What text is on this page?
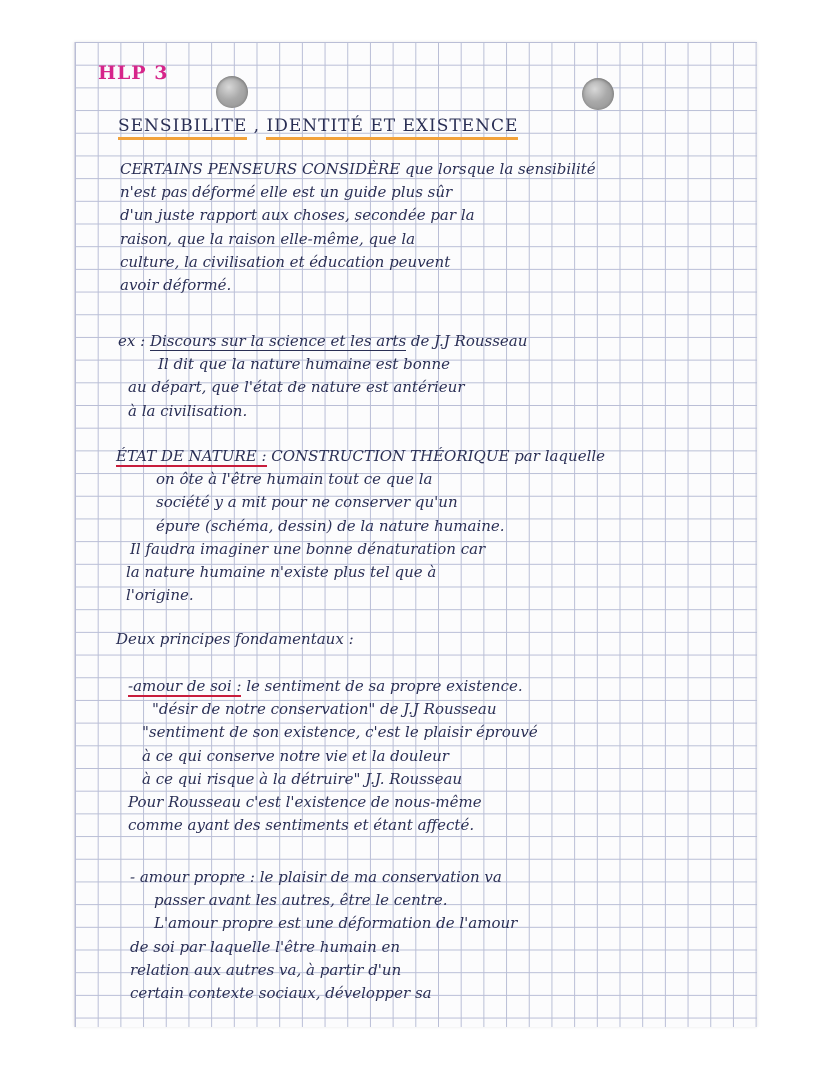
HLP 3
SENSIBILITE , IDENTITÉ ET EXISTENCE
CERTAINS PENSEURS CONSIDÈRE que lorsque la sensibilité
n'est pas déformé elle est un guide plus sûr
d'un juste rapport aux choses, secondée par la
raison, que la raison elle-même, que la
culture, la civilisation et éducation peuvent
avoir déformé.
ex : Discours sur la science et les arts de J.J Rousseau
Il dit que la nature humaine est bonne
au départ, que l'état de nature est antérieur
à la civilisation.
ÉTAT DE NATURE : CONSTRUCTION THÉORIQUE par laquelle
on ôte à l'être humain tout ce que la
société y a mit pour ne conserver qu'un
épure (schéma, dessin) de la nature humaine.
Il faudra imaginer une bonne dénaturation car
la nature humaine n'existe plus tel que à
l'origine.
Deux principes fondamentaux :
-amour de soi : le sentiment de sa propre existence.
"désir de notre conservation" de J.J Rousseau
"sentiment de son existence, c'est le plaisir éprouvé
à ce qui conserve notre vie et la douleur
à ce qui risque à la détruire" J.J. Rousseau
Pour Rousseau c'est l'existence de nous-même
comme ayant des sentiments et étant affecté.
- amour propre : le plaisir de ma conservation va
passer avant les autres, être le centre.
L'amour propre est une déformation de l'amour
de soi par laquelle l'être humain en
relation aux autres va, à partir d'un
certain contexte sociaux, développer sa
